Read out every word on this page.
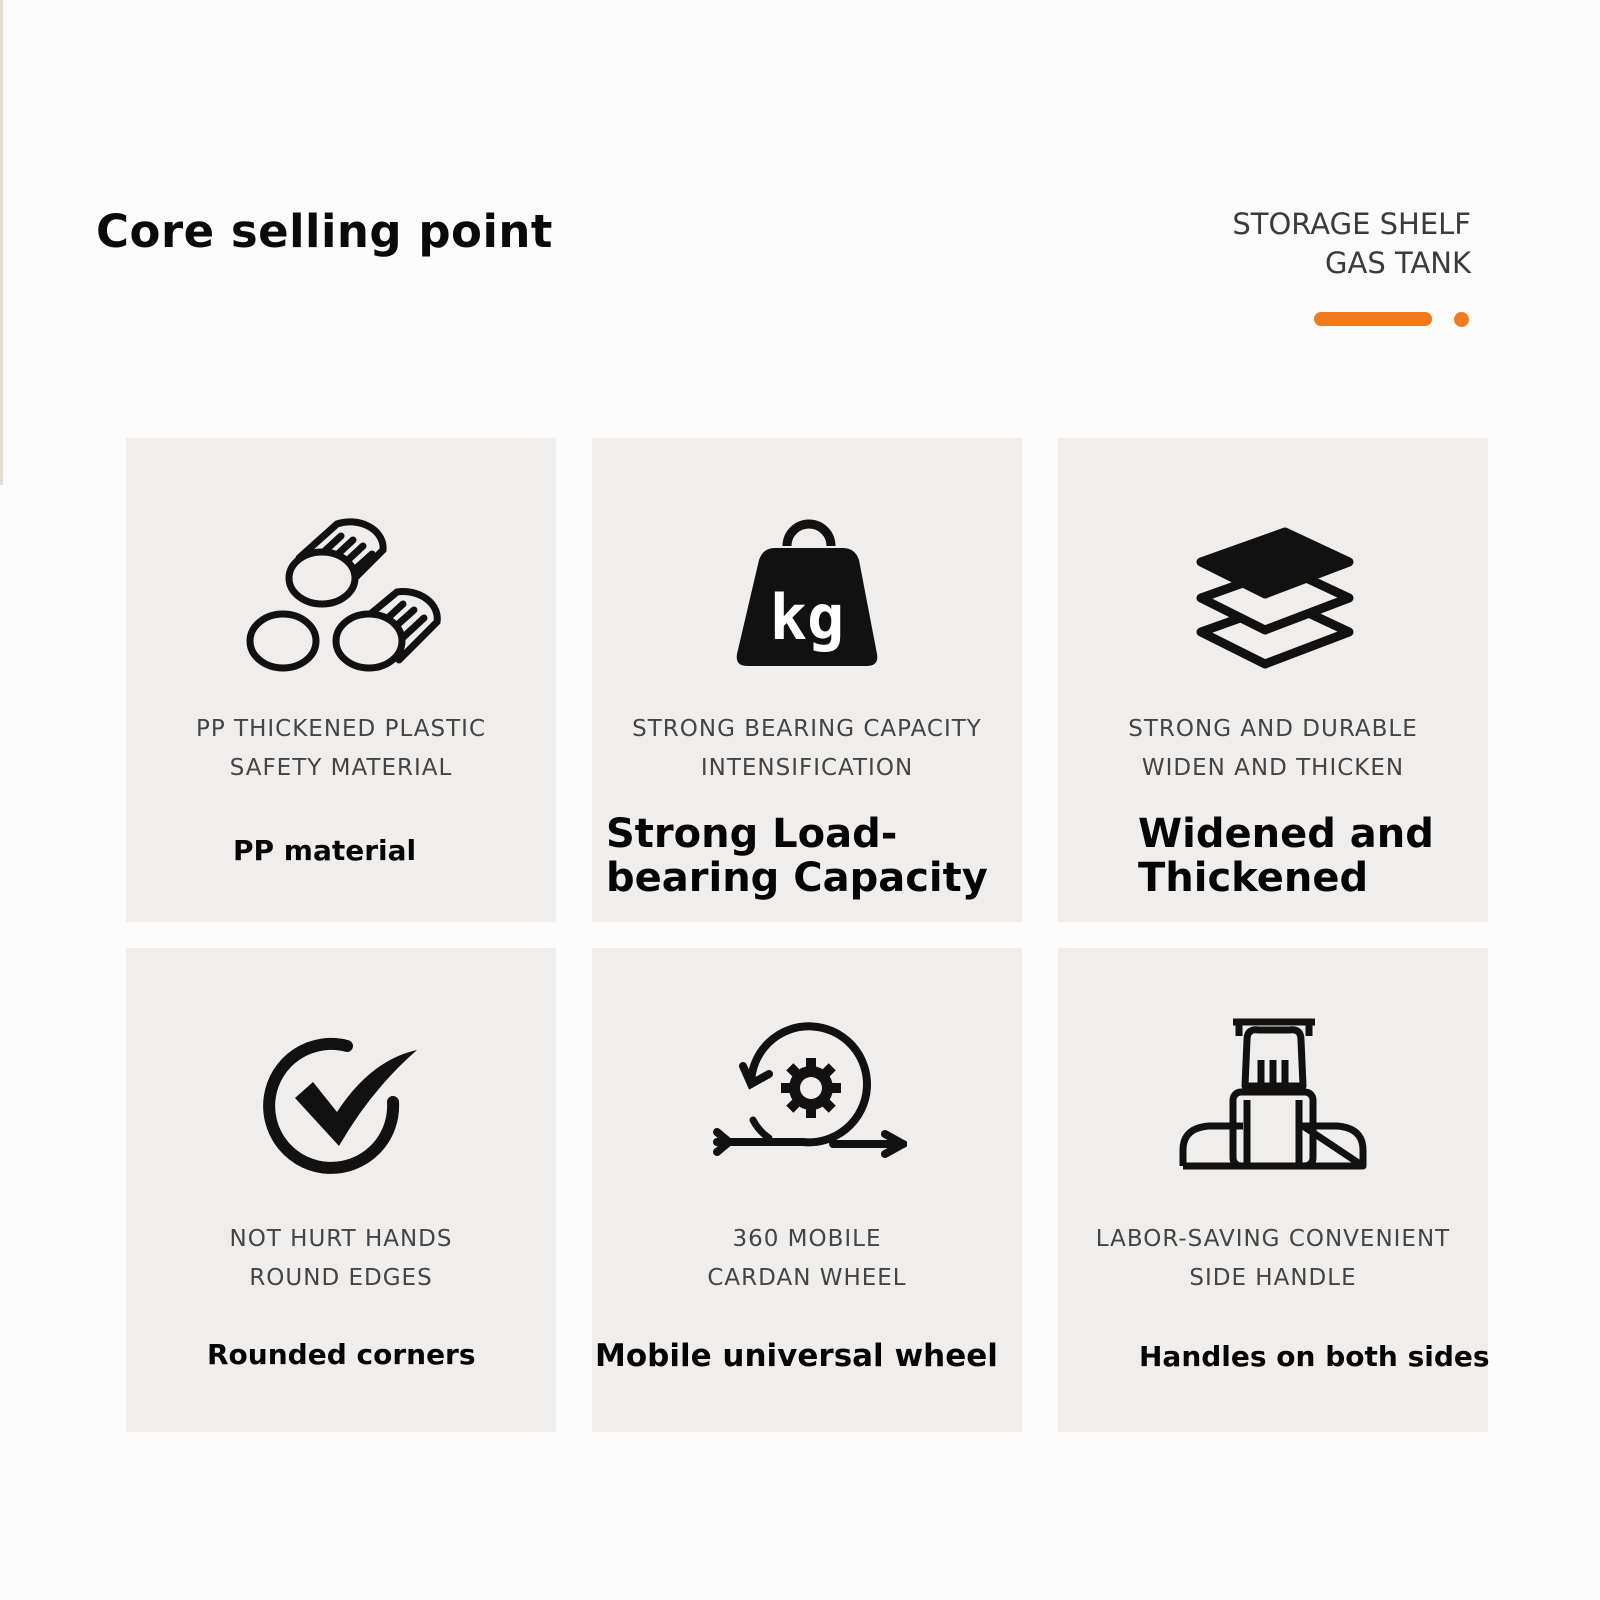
Core selling point	STORAGE SHELF
GAS TANK
PP THICKENED PLASTIC
SAFETY MATERIAL
PP material
kg
STRONG BEARING CAPACITY
INTENSIFICATION
Strong Load-
bearing Capacity
STRONG AND DURABLE
WIDEN AND THICKEN
Widened and
Thickened
NOT HURT HANDS
ROUND EDGES
Rounded corners
360 MOBILE
CARDAN WHEEL
Mobile universal wheel
LABOR-SAVING CONVENIENT
SIDE HANDLE
Handles on both sides
